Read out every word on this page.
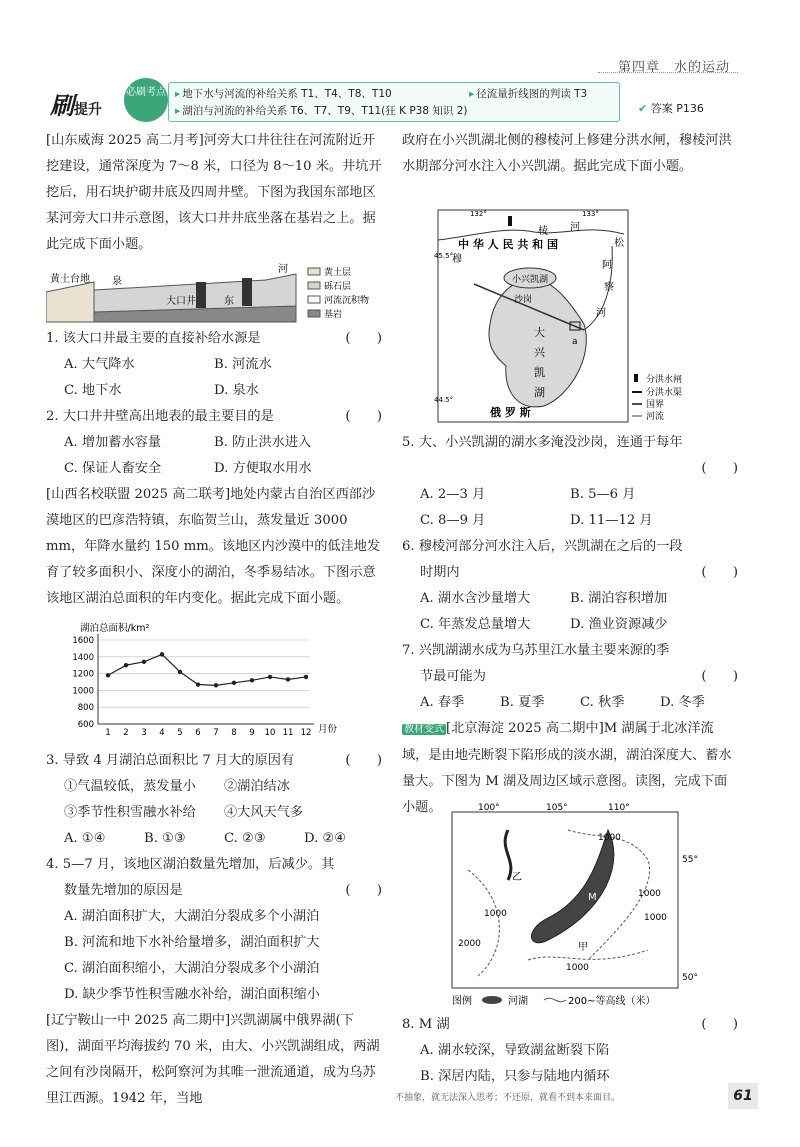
第四章　水的运动
刷提升
必刷考点	▸ 地下水与河流的补给关系 T1、T4、T8、T10	▸ 径流量折线图的判读 T3
▸ 湖泊与河流的补给关系 T6、T7、T9、T11(狂 K P38 知识 2)	✔ 答案 P136

[山东威海 2025 高二月考]河旁大口井往往在河流附近开挖建设，通常深度为 7～8 米，口径为 8～10 米。井坑开挖后，用石块护砌井底及四周井壁。下图为我国东部地区某河旁大口井示意图，该大口井井底坐落在基岩之上。据此完成下面小题。

黄土台地 泉
大口井	东
河	黄土层
砾石层
河流沉积物
基岩

1. 该大口井最主要的直接补给水源是	(　　)

A. 大气降水	B. 河流水

C. 地下水	D. 泉水

2. 大口井井壁高出地表的最主要目的是	(　　)

A. 增加蓄水容量	B. 防止洪水进入

C. 保证人畜安全	D. 方便取水用水

[山西名校联盟 2025 高二联考]地处内蒙古自治区西部沙漠地区的巴彦浩特镇，东临贺兰山，蒸发量近 3000 mm，年降水量约 150 mm。该地区内沙漠中的低洼地发育了较多面积小、深度小的湖泊，冬季易结冰。下图示意该地区湖泊总面积的年内变化。据此完成下面小题。

湖泊总面积/km²
600
800
1000
1200
1400
1600
1 2 3 4 5 6 7 8 9 10 11 12 月份

3. 导致 4 月湖泊总面积比 7 月大的原因有	(　　)

①气温较低，蒸发量小 ②湖泊结冰

③季节性积雪融水补给 ④大风天气多

A. ①④	B. ①③	C. ②③	D. ②④

4. 5—7 月，该地区湖泊数量先增加，后减少。其

数量先增加的原因是	(　　)

A. 湖泊面积扩大，大湖泊分裂成多个小湖泊

B. 河流和地下水补给量增多，湖泊面积扩大

C. 湖泊面积缩小，大湖泊分裂成多个小湖泊

D. 缺少季节性积雪融水补给，湖泊面积缩小

[辽宁鞍山一中 2025 高二期中]兴凯湖属中俄界湖(下图)，湖面平均海拔约 70 米，由大、小兴凯湖组成，两湖之间有沙岗隔开，松阿察河为其唯一泄流通道，成为乌苏里江西源。1942 年，当地

政府在小兴凯湖北侧的穆棱河上修建分洪水闸，穆棱河洪水期部分河水注入小兴凯湖。据此完成下面小题。

132°	133°
45.5°
44.5°
中 华 人 民 共 和 国
俄 罗 斯
穆
棱 河
松
阿
察
河
小兴凯湖
沙岗
大
兴
凯
湖
a
分洪水闸
分洪水渠
国界
河流

5. 大、小兴凯湖的湖水多淹没沙岗，连通于每年

(　　)

A. 2—3 月	B. 5—6 月

C. 8—9 月	D. 11—12 月

6. 穆棱河部分河水注入后，兴凯湖在之后的一段

时期内	(　　)

A. 湖水含沙量增大	B. 湖泊容积增加

C. 年蒸发总量增大	D. 渔业资源减少

7. 兴凯湖湖水成为乌苏里江水量主要来源的季

节最可能为	(　　)

A. 春季	B. 夏季	C. 秋季	D. 冬季

教材变式 [北京海淀 2025 高二期中]M 湖属于北冰洋流域，是由地壳断裂下陷形成的淡水湖，湖泊深度大、蓄水量大。下图为 M 湖及周边区域示意图。读图，完成下面小题。	100°	105°	110°
55°
50°
1000
1000
2000
1000
1000
1000
乙
M
甲
图例	河湖	200~等高线（米）

8. M 湖	(　　)

A. 湖水较深，导致湖盆断裂下陷

B. 深居内陆，只参与陆地内循环

不抽象，就无法深入思考；不还原，就看不到本来面目。	61
